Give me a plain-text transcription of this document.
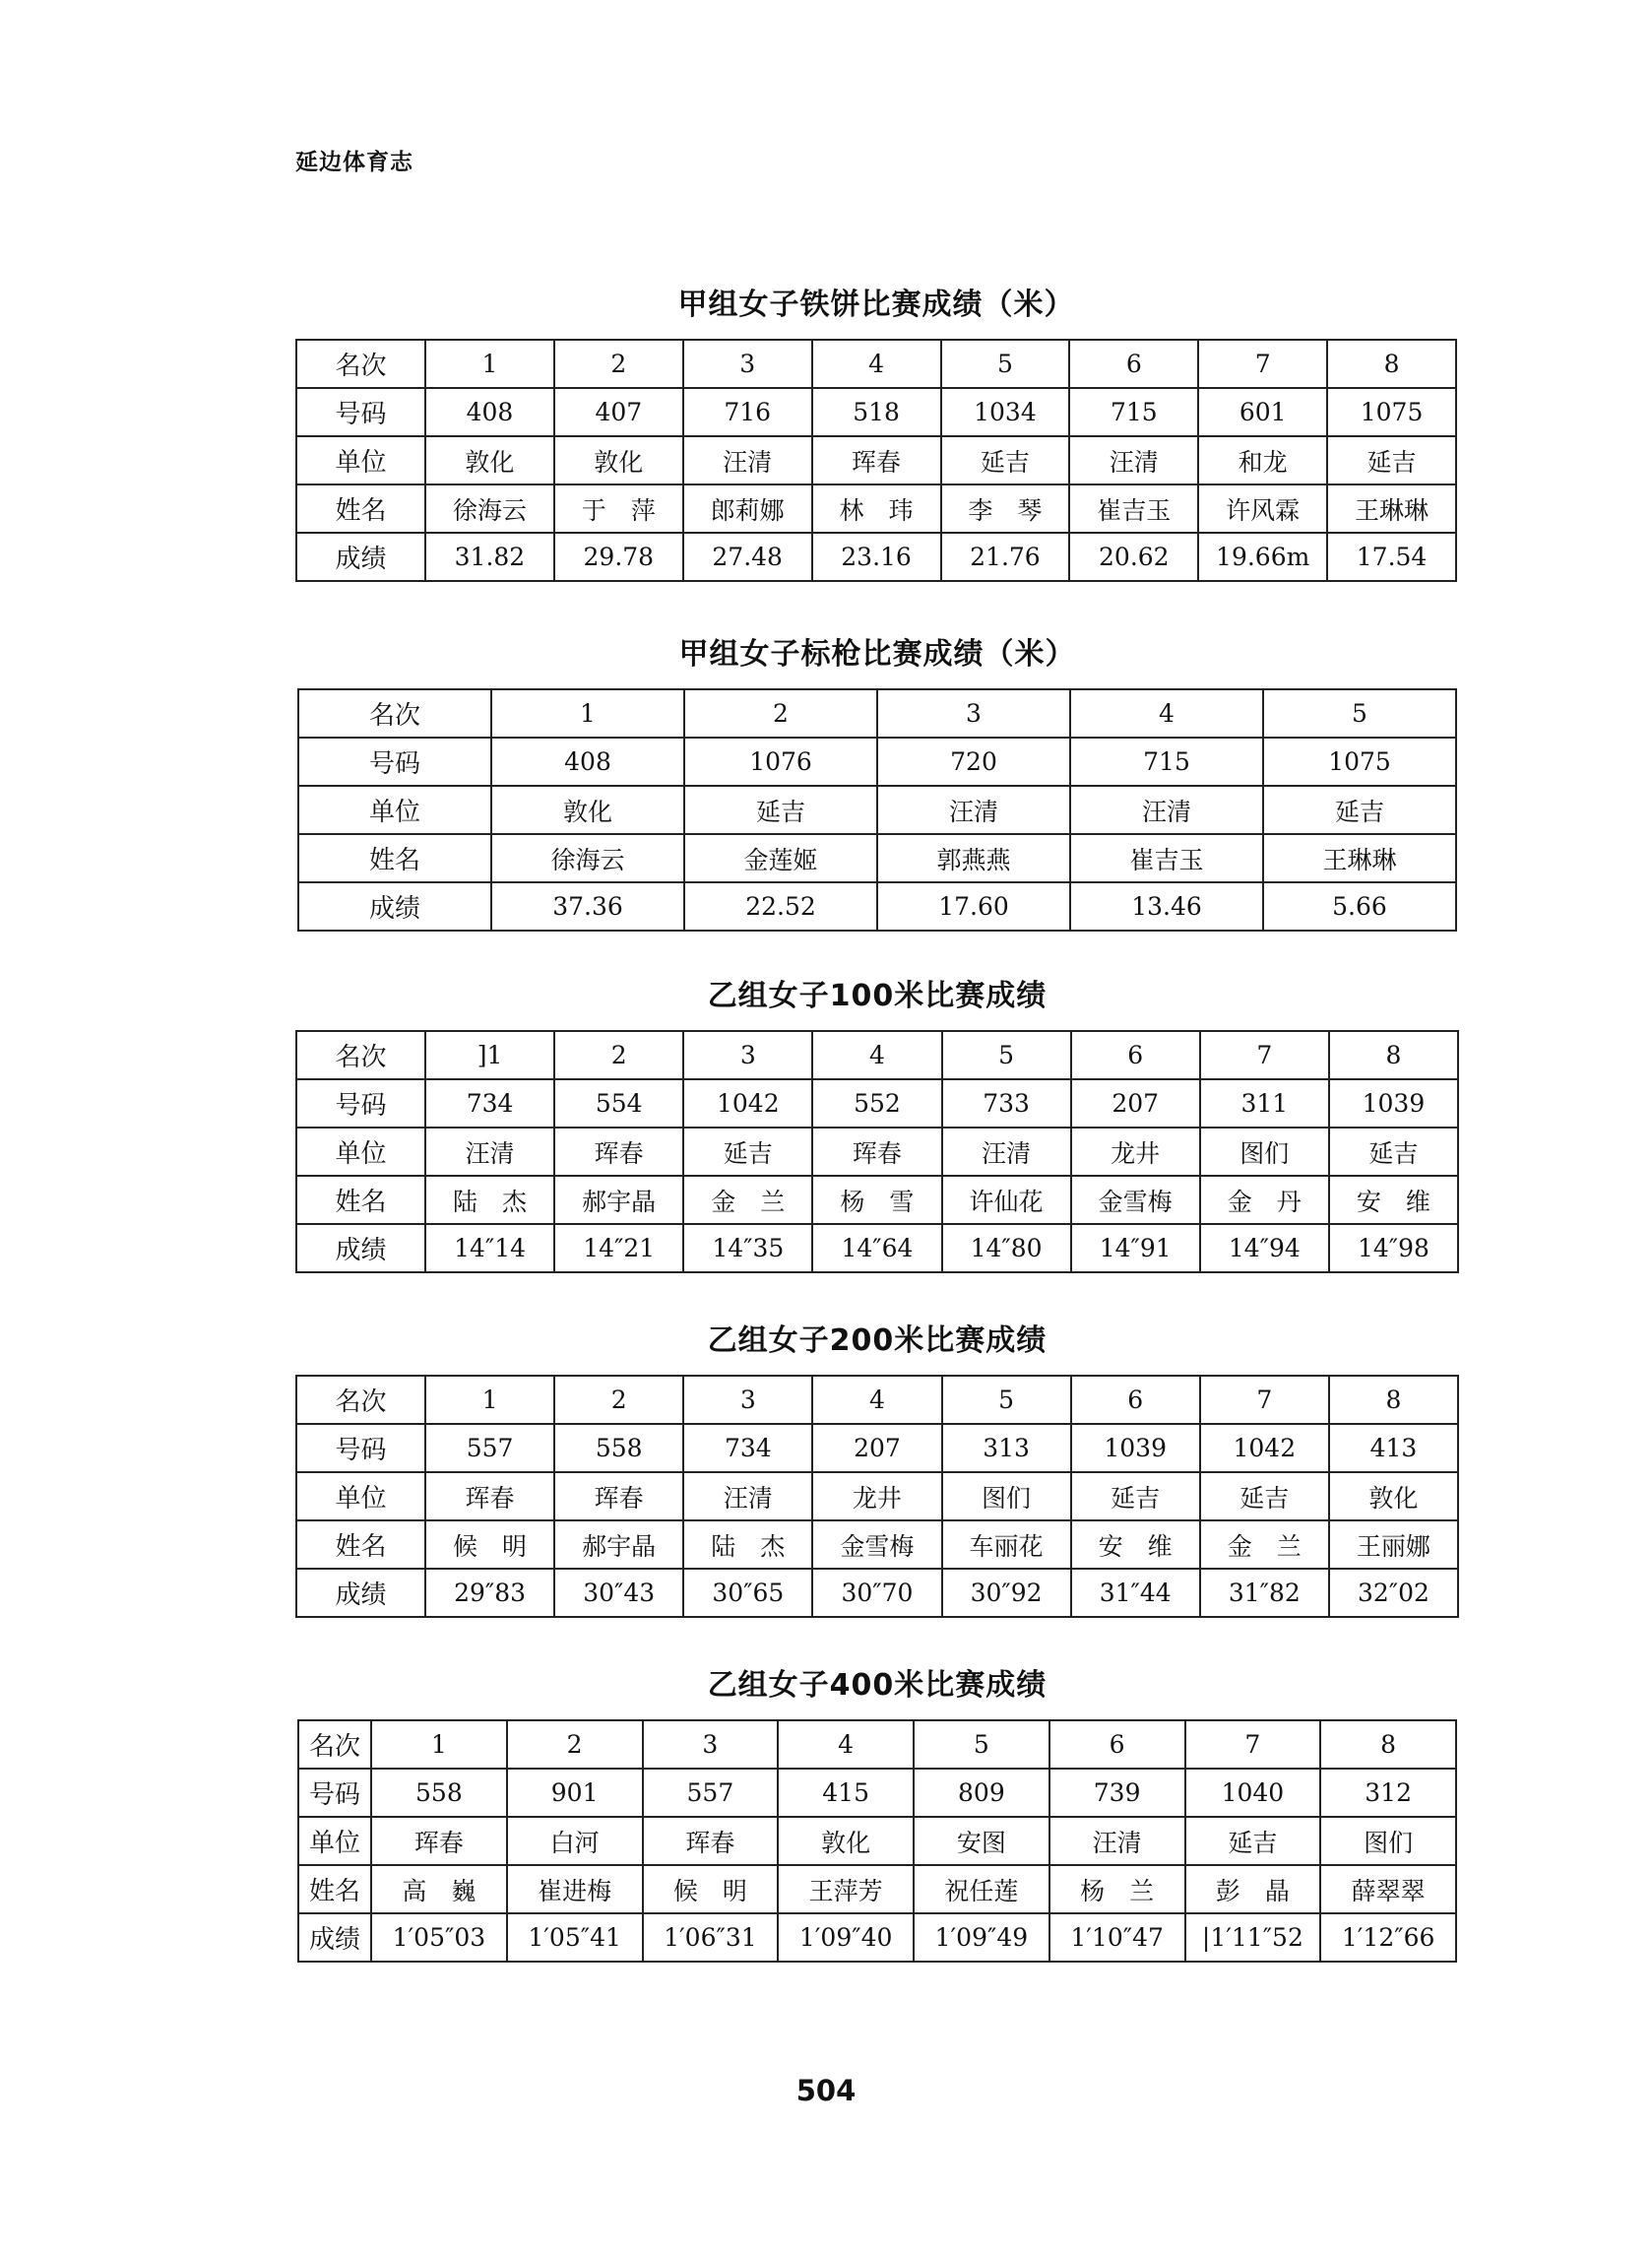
延边体育志
甲组女子铁饼比赛成绩（米）
名次	1	2	3	4	5	6	7	8
号码	408	407	716	518	1034	715	601	1075
单位	敦化	敦化	汪清	珲春	延吉	汪清	和龙	延吉
姓名	徐海云	于　萍	郎莉娜	林　玮	李　琴	崔吉玉	许风霖	王琳琳
成绩	31.82	29.78	27.48	23.16	21.76	20.62	19.66m	17.54
甲组女子标枪比赛成绩（米）
名次	1	2	3	4	5
号码	408	1076	720	715	1075
单位	敦化	延吉	汪清	汪清	延吉
姓名	徐海云	金莲姬	郭燕燕	崔吉玉	王琳琳
成绩	37.36	22.52	17.60	13.46	5.66
乙组女子100米比赛成绩
名次	]1	2	3	4	5	6	7	8
号码	734	554	1042	552	733	207	311	1039
单位	汪清	珲春	延吉	珲春	汪清	龙井	图们	延吉
姓名	陆　杰	郝宇晶	金　兰	杨　雪	许仙花	金雪梅	金　丹	安　维
成绩	14″14	14″21	14″35	14″64	14″80	14″91	14″94	14″98
乙组女子200米比赛成绩
名次	1	2	3	4	5	6	7	8
号码	557	558	734	207	313	1039	1042	413
单位	珲春	珲春	汪清	龙井	图们	延吉	延吉	敦化
姓名	候　明	郝宇晶	陆　杰	金雪梅	车丽花	安　维	金　兰	王丽娜
成绩	29″83	30″43	30″65	30″70	30″92	31″44	31″82	32″02
乙组女子400米比赛成绩
名次	1	2	3	4	5	6	7	8
号码	558	901	557	415	809	739	1040	312
单位	珲春	白河	珲春	敦化	安图	汪清	延吉	图们
姓名	高　巍	崔进梅	候　明	王萍芳	祝任莲	杨　兰	彭　晶	薛翠翠
成绩	1′05″03	1′05″41	1′06″31	1′09″40	1′09″49	1′10″47	|1′11″52	1′12″66
504
